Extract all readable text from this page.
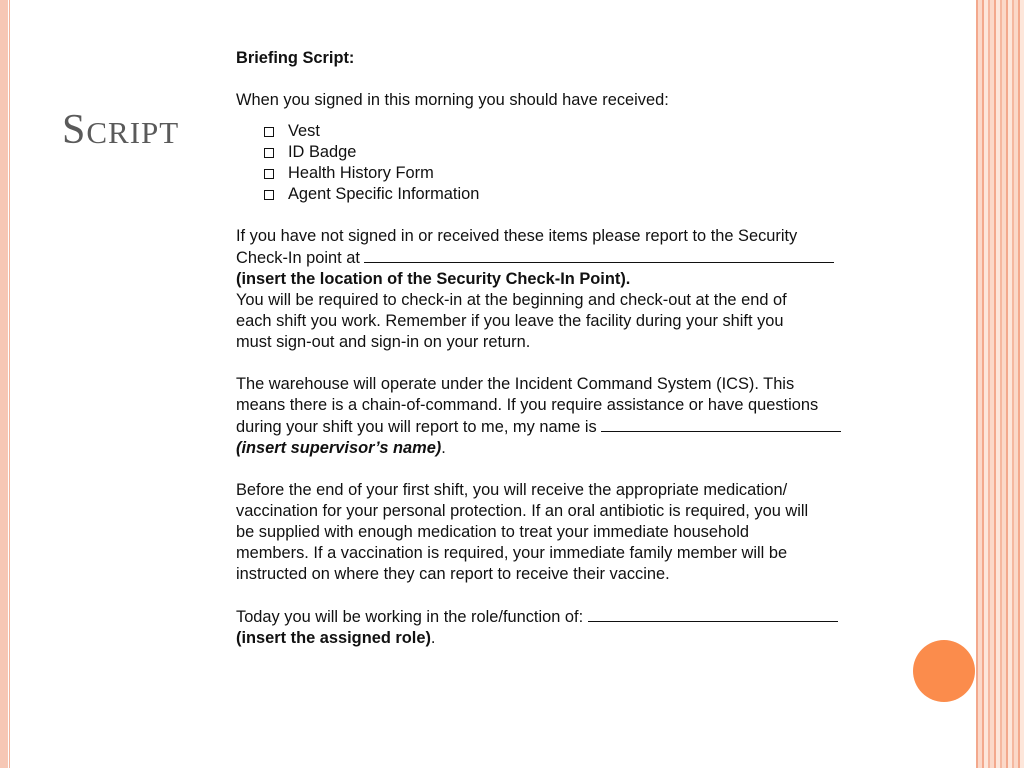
SCRIPT

Briefing Script:

When you signed in this morning you should have received:

Vest
ID Badge
Health History Form
Agent Specific Information

If you have not signed in or received these items please report to the Security

Check-In point at

(insert the location of the Security Check-In Point).

You will be required to check-in at the beginning and check-out at the end of

each shift you work. Remember if you leave the facility during your shift you

must sign-out and sign-in on your return.

The warehouse will operate under the Incident Command System (ICS). This

means there is a chain-of-command. If you require assistance or have questions

during your shift you will report to me, my name is

(insert supervisor’s name).

Before the end of your first shift, you will receive the appropriate medication/

vaccination for your personal protection. If an oral antibiotic is required, you will

be supplied with enough medication to treat your immediate household

members. If a vaccination is required, your immediate family member will be

instructed on where they can report to receive their vaccine.

Today you will be working in the role/function of:

(insert the assigned role).
